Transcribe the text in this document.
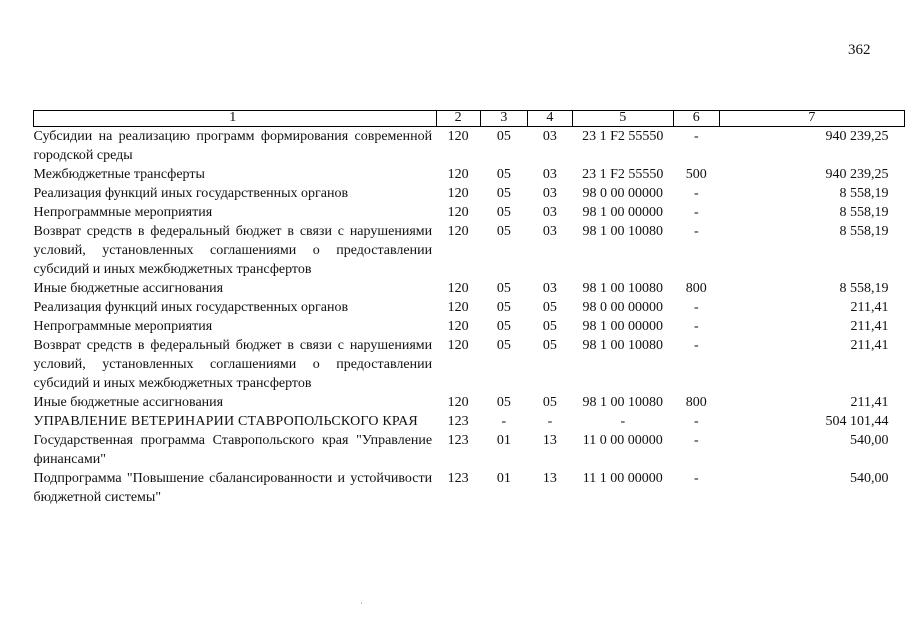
362
1	2	3	4	5	6	7
Субсидии на реализацию программ формирования современной городской среды	120	05	03	23 1 F2 55550	-	940 239,25
Межбюджетные трансферты	120	05	03	23 1 F2 55550	500	940 239,25
Реализация функций иных государственных органов	120	05	03	98 0 00 00000	-	8 558,19
Непрограммные мероприятия	120	05	03	98 1 00 00000	-	8 558,19
Возврат средств в федеральный бюджет в связи с нарушениями условий, установленных соглашениями о предоставлении субсидий и иных межбюджетных трансфертов	120	05	03	98 1 00 10080	-	8 558,19
Иные бюджетные ассигнования	120	05	03	98 1 00 10080	800	8 558,19
Реализация функций иных государственных органов	120	05	05	98 0 00 00000	-	211,41
Непрограммные мероприятия	120	05	05	98 1 00 00000	-	211,41
Возврат средств в федеральный бюджет в связи с нарушениями условий, установленных соглашениями о предоставлении субсидий и иных межбюджетных трансфертов	120	05	05	98 1 00 10080	-	211,41
Иные бюджетные ассигнования	120	05	05	98 1 00 10080	800	211,41
УПРАВЛЕНИЕ ВЕТЕРИНАРИИ СТАВРОПОЛЬСКОГО КРАЯ	123	-	-	-	-	504 101,44
Государственная программа Ставропольского края "Управление финансами"	123	01	13	11 0 00 00000	-	540,00
Подпрограмма "Повышение сбалансированности и устойчивости бюджетной системы"	123	01	13	11 1 00 00000	-	540,00
·
